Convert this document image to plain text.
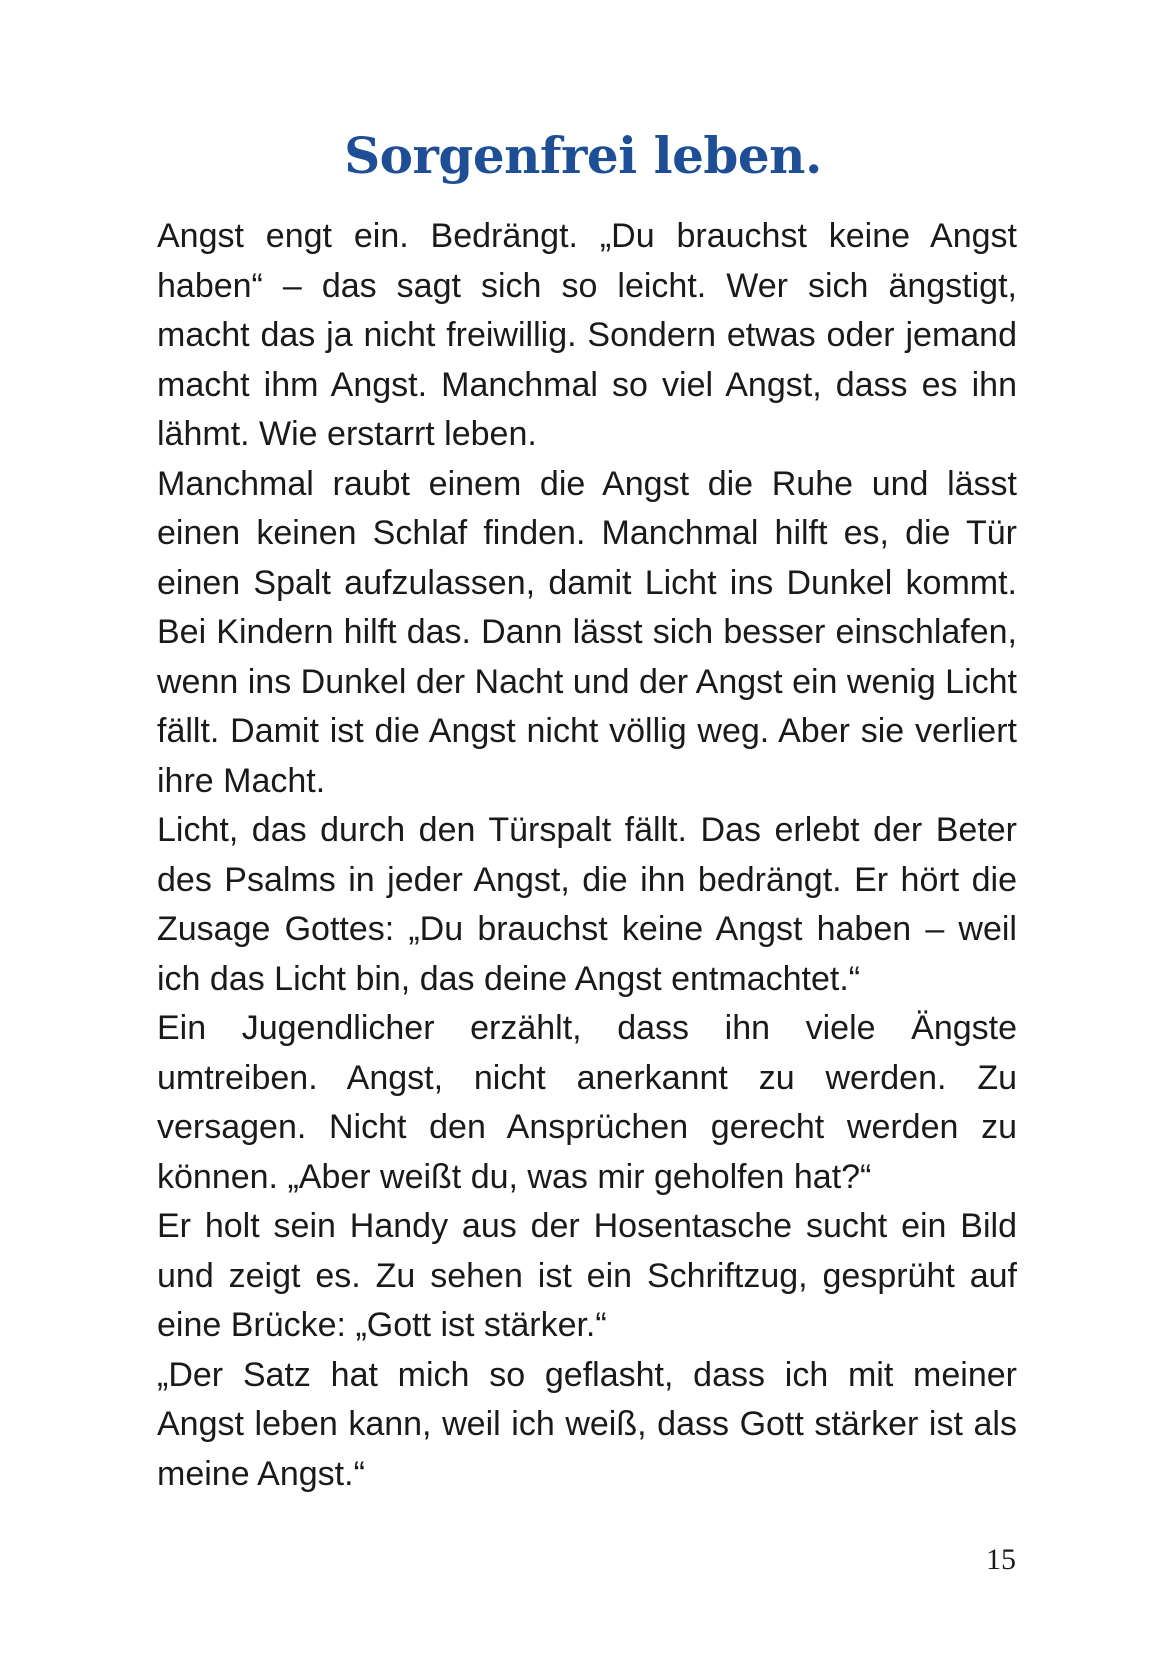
Sorgenfrei leben.

Angst engt ein. Bedrängt. „Du brauchst keine Angst haben“ – das sagt sich so leicht. Wer sich ängstigt, macht das ja nicht freiwillig. Sondern etwas oder jemand macht ihm Angst. Manchmal so viel Angst, dass es ihn lähmt. Wie erstarrt leben.

Manchmal raubt einem die Angst die Ruhe und lässt einen keinen Schlaf finden. Manchmal hilft es, die Tür einen Spalt aufzulassen, damit Licht ins Dunkel kommt. Bei Kindern hilft das. Dann lässt sich besser einschlafen, wenn ins Dunkel der Nacht und der Angst ein wenig Licht fällt. Damit ist die Angst nicht völlig weg. Aber sie verliert ihre Macht.

Licht, das durch den Türspalt fällt. Das erlebt der Beter des Psalms in jeder Angst, die ihn bedrängt. Er hört die Zusage Gottes: „Du brauchst keine Angst haben – weil ich das Licht bin, das deine Angst entmachtet.“

Ein Jugendlicher erzählt, dass ihn viele Ängste umtreiben. Angst, nicht anerkannt zu werden. Zu versagen. Nicht den Ansprüchen gerecht werden zu können. „Aber weißt du, was mir geholfen hat?“

Er holt sein Handy aus der Hosentasche sucht ein Bild und zeigt es. Zu sehen ist ein Schriftzug, gesprüht auf eine Brücke: „Gott ist stärker.“

„Der Satz hat mich so geflasht, dass ich mit meiner Angst leben kann, weil ich weiß, dass Gott stärker ist als meine Angst.“

15
